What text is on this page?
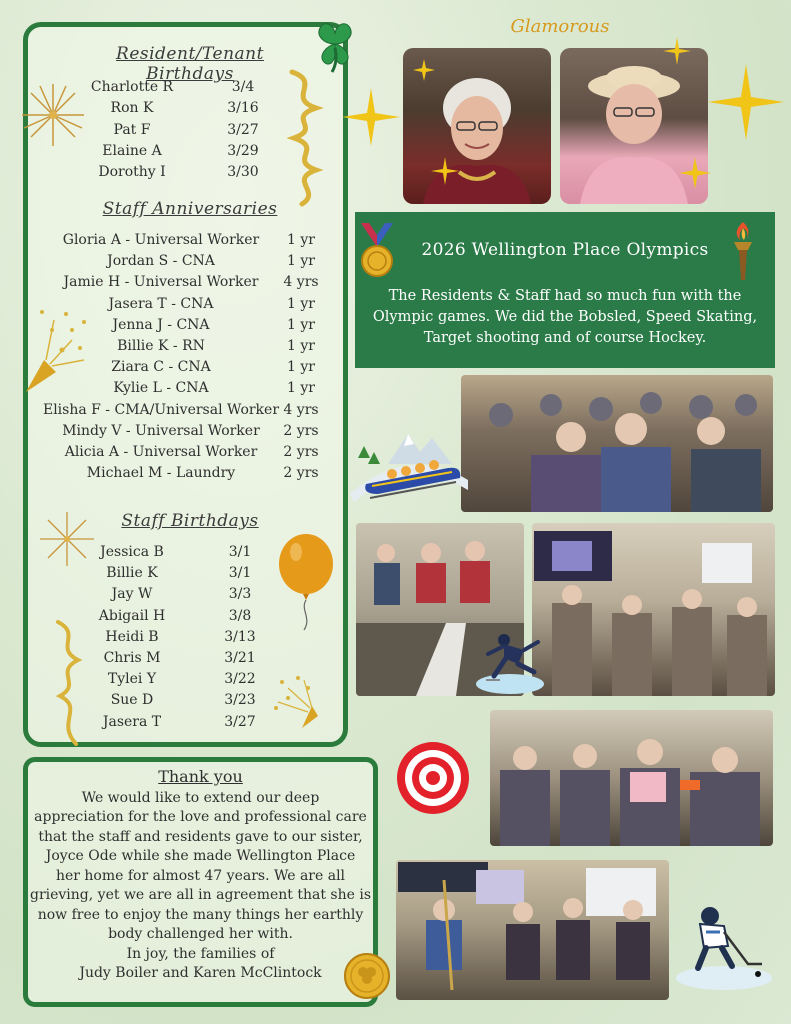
Resident/Tenant Birthdays
Charlotte R	3/4
Ron K	3/16
Pat F	3/27
Elaine A	3/29
Dorothy I	3/30
Staff Anniversaries
Gloria A - Universal Worker	1 yr
Jordan S - CNA	1 yr
Jamie H - Universal Worker	4 yrs
Jasera T - CNA	1 yr
Jenna J - CNA	1 yr
Billie K - RN	1 yr
Ziara C - CNA	1 yr
Kylie L - CNA	1 yr
Elisha F - CMA/Universal Worker 4 yrs
Mindy V - Universal Worker	2 yrs
Alicia A - Universal Worker	2 yrs
Michael M - Laundry	2 yrs
Staff Birthdays
Jessica B	3/1
Billie K	3/1
Jay W	3/3
Abigail H	3/8
Heidi B	3/13
Chris M	3/21
Tylei Y	3/22
Sue D	3/23
Jasera T	3/27
Thank you
We would like to extend our deep
appreciation for the love and professional care
that the staff and residents gave to our sister,
Joyce Ode while she made Wellington Place
her home for almost 47 years. We are all
grieving, yet we are all in agreement that she is
now free to enjoy the many things her earthly
body challenged her with.
In joy, the families of
Judy Boiler and Karen McClintock
Glamorous
2026 Wellington Place Olympics
The Residents & Staff had so much fun with the Olympic games. We did the Bobsled, Speed Skating, Target shooting and of course Hockey.
